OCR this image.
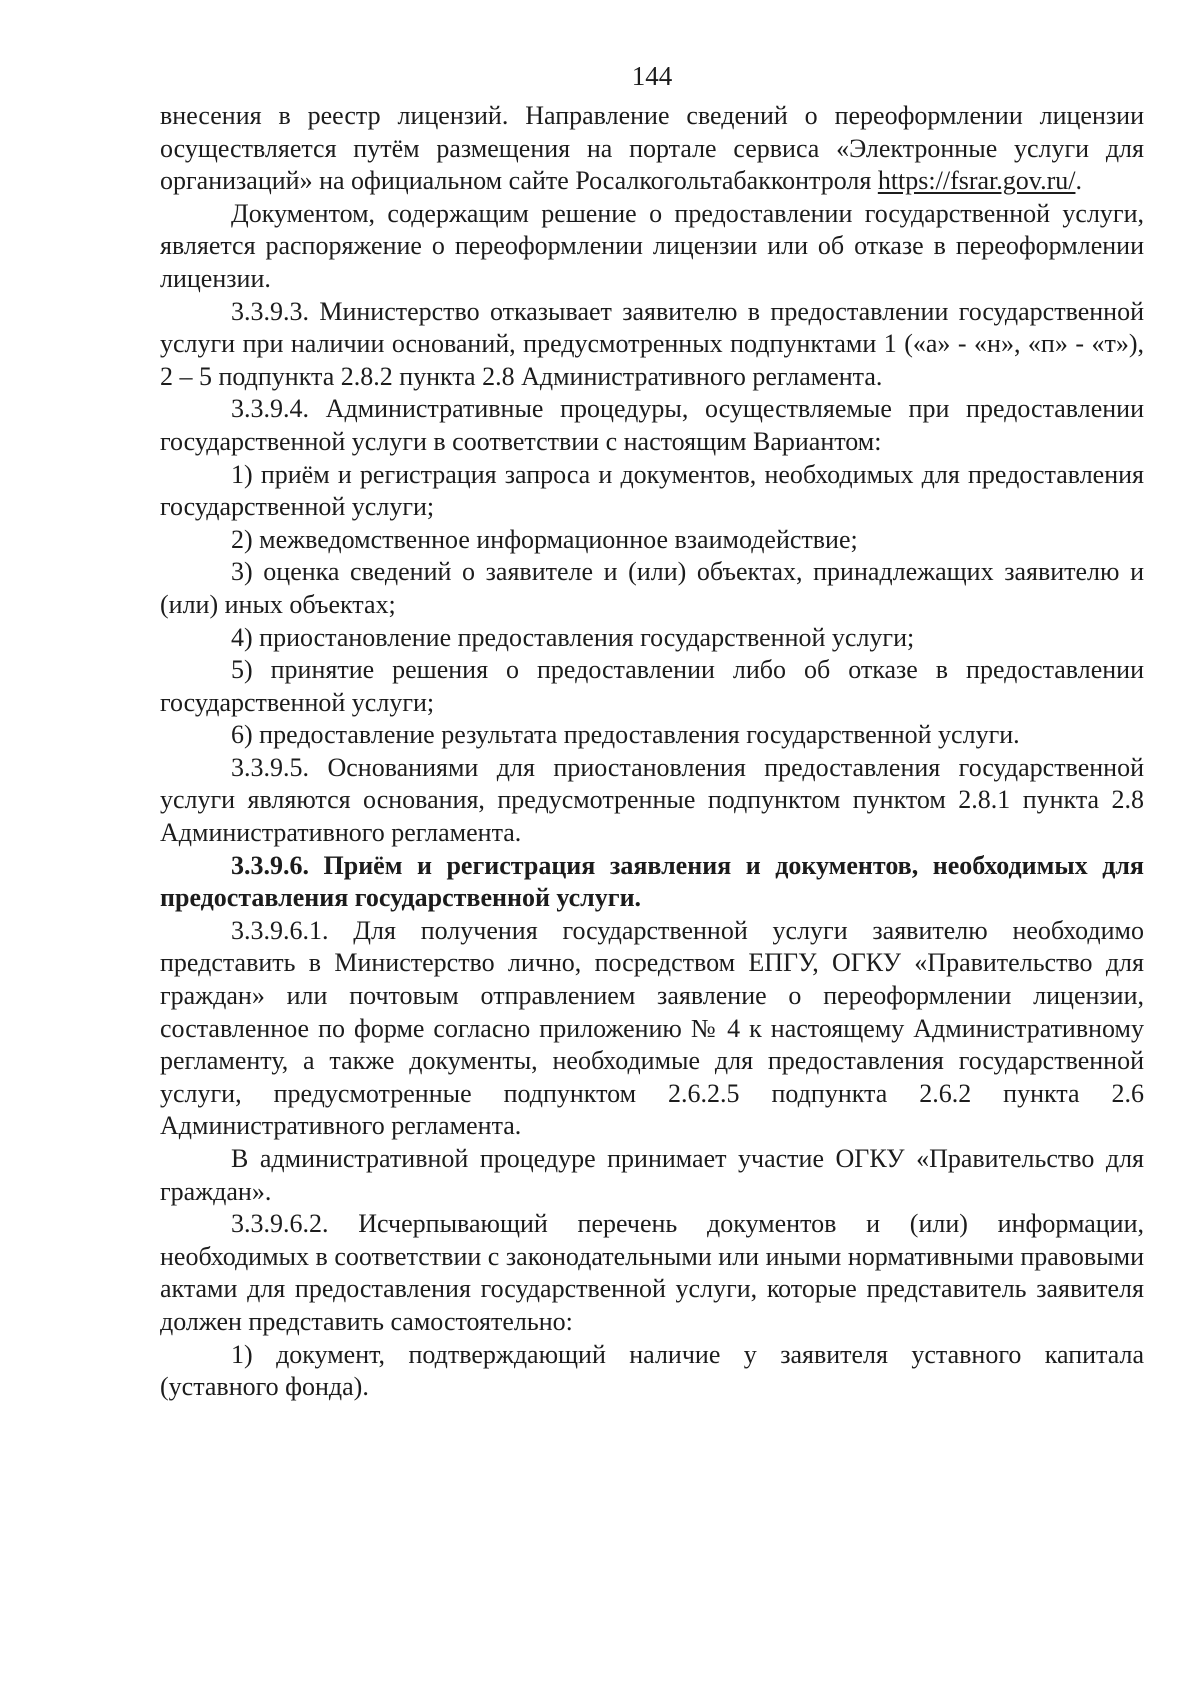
144

внесения в реестр лицензий. Направление сведений о переоформлении лицензии осуществляется путём размещения на портале сервиса «Электронные услуги для организаций» на официальном сайте Росалкогольтабакконтроля https://fsrar.gov.ru/.

Документом, содержащим решение о предоставлении государственной услуги, является распоряжение о переоформлении лицензии или об отказе в переоформлении лицензии.

3.3.9.3. Министерство отказывает заявителю в предоставлении государственной услуги при наличии оснований, предусмотренных подпунктами 1 («а» - «н», «п» - «т»), 2 – 5 подпункта 2.8.2 пункта 2.8 Административного регламента.

3.3.9.4. Административные процедуры, осуществляемые при предоставлении государственной услуги в соответствии с настоящим Вариантом:

1) приём и регистрация запроса и документов, необходимых для предоставления государственной услуги;

2) межведомственное информационное взаимодействие;

3) оценка сведений о заявителе и (или) объектах, принадлежащих заявителю и (или) иных объектах;

4) приостановление предоставления государственной услуги;

5) принятие решения о предоставлении либо об отказе в предоставлении государственной услуги;

6) предоставление результата предоставления государственной услуги.

3.3.9.5. Основаниями для приостановления предоставления государственной услуги являются основания, предусмотренные подпунктом пунктом 2.8.1 пункта 2.8 Административного регламента.

3.3.9.6. Приём и регистрация заявления и документов, необходимых для предоставления государственной услуги.

3.3.9.6.1. Для получения государственной услуги заявителю необходимо представить в Министерство лично, посредством ЕПГУ, ОГКУ «Правительство для граждан» или почтовым отправлением заявление о переоформлении лицензии, составленное по форме согласно приложению № 4 к настоящему Административному регламенту, а также документы, необходимые для предоставления государственной услуги, предусмотренные подпунктом 2.6.2.5 подпункта 2.6.2 пункта 2.6 Административного регламента.

В административной процедуре принимает участие ОГКУ «Правительство для граждан».

3.3.9.6.2. Исчерпывающий перечень документов и (или) информации, необходимых в соответствии с законодательными или иными нормативными правовыми актами для предоставления государственной услуги, которые представитель заявителя должен представить самостоятельно:

1) документ, подтверждающий наличие у заявителя уставного капитала (уставного фонда).
